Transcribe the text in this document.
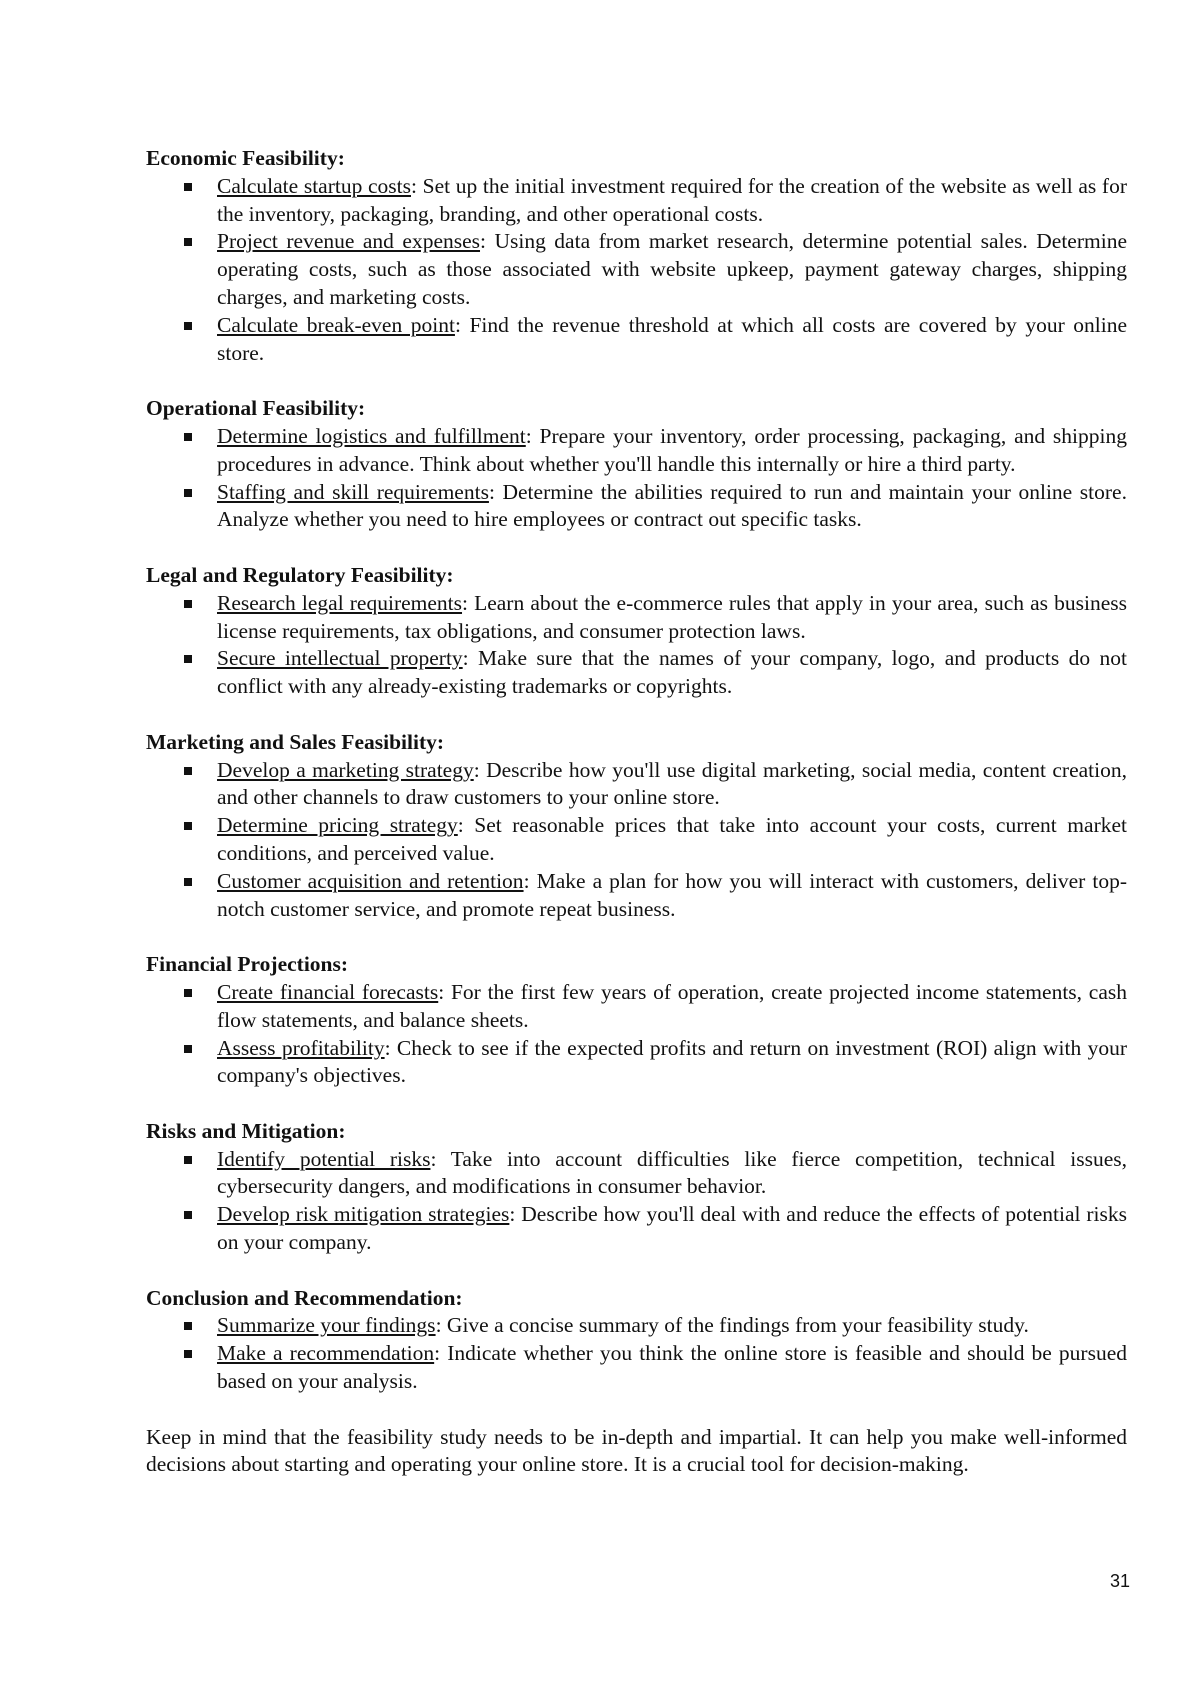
Economic Feasibility:
Calculate startup costs: Set up the initial investment required for the creation of the website as well as for the inventory, packaging, branding, and other operational costs.
Project revenue and expenses: Using data from market research, determine potential sales. Determine operating costs, such as those associated with website upkeep, payment gateway charges, shipping charges, and marketing costs.
Calculate break-even point: Find the revenue threshold at which all costs are covered by your online store.
Operational Feasibility:
Determine logistics and fulfillment: Prepare your inventory, order processing, packaging, and shipping procedures in advance. Think about whether you'll handle this internally or hire a third party.
Staffing and skill requirements: Determine the abilities required to run and maintain your online store. Analyze whether you need to hire employees or contract out specific tasks.
Legal and Regulatory Feasibility:
Research legal requirements: Learn about the e-commerce rules that apply in your area, such as business license requirements, tax obligations, and consumer protection laws.
Secure intellectual property: Make sure that the names of your company, logo, and products do not conflict with any already-existing trademarks or copyrights.
Marketing and Sales Feasibility:
Develop a marketing strategy: Describe how you'll use digital marketing, social media, content creation, and other channels to draw customers to your online store.
Determine pricing strategy: Set reasonable prices that take into account your costs, current market conditions, and perceived value.
Customer acquisition and retention: Make a plan for how you will interact with customers, deliver top-notch customer service, and promote repeat business.
Financial Projections:
Create financial forecasts: For the first few years of operation, create projected income statements, cash flow statements, and balance sheets.
Assess profitability: Check to see if the expected profits and return on investment (ROI) align with your company's objectives.
Risks and Mitigation:
Identify potential risks: Take into account difficulties like fierce competition, technical issues, cybersecurity dangers, and modifications in consumer behavior.
Develop risk mitigation strategies: Describe how you'll deal with and reduce the effects of potential risks on your company.
Conclusion and Recommendation:
Summarize your findings: Give a concise summary of the findings from your feasibility study.
Make a recommendation: Indicate whether you think the online store is feasible and should be pursued based on your analysis.

Keep in mind that the feasibility study needs to be in-depth and impartial. It can help you make well-informed decisions about starting and operating your online store. It is a crucial tool for decision-making.

31
